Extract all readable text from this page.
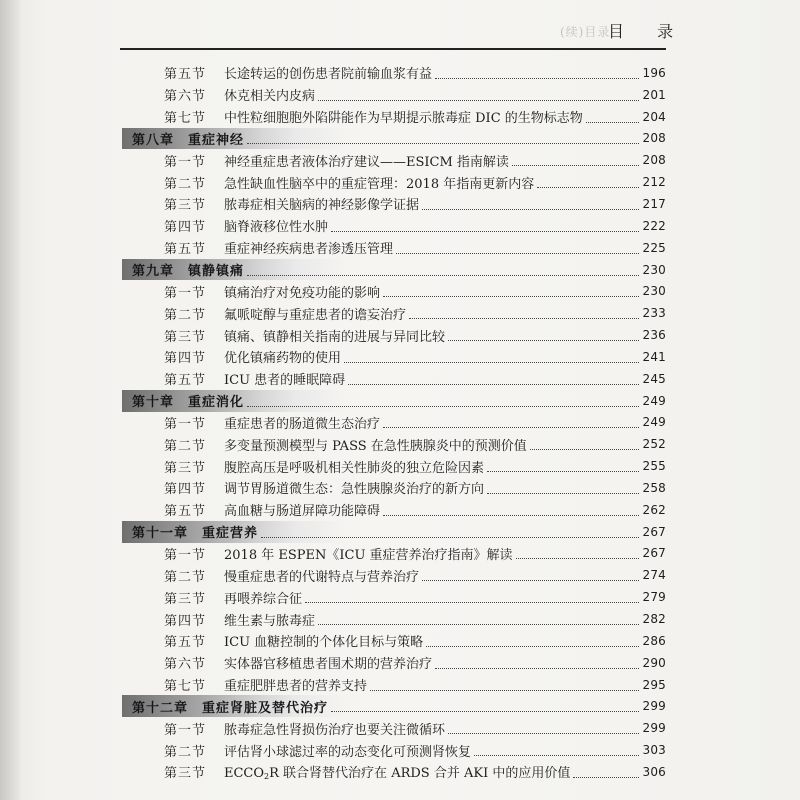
(续)目录
目 录
第五节 长途转运的创伤患者院前输血浆有益	196
第六节 休克相关内皮病	201
第七节 中性粒细胞胞外陷阱能作为早期提示脓毒症 DIC 的生物标志物	204
第八章 重症神经	208
第一节 神经重症患者液体治疗建议——ESICM 指南解读	208
第二节 急性缺血性脑卒中的重症管理：2018 年指南更新内容	212
第三节 脓毒症相关脑病的神经影像学证据	217
第四节 脑脊液移位性水肿	222
第五节 重症神经疾病患者渗透压管理	225
第九章 镇静镇痛	230
第一节 镇痛治疗对免疫功能的影响	230
第二节 氟哌啶醇与重症患者的谵妄治疗	233
第三节 镇痛、镇静相关指南的进展与异同比较	236
第四节 优化镇痛药物的使用	241
第五节 ICU 患者的睡眠障碍	245
第十章 重症消化	249
第一节 重症患者的肠道微生态治疗	249
第二节 多变量预测模型与 PASS 在急性胰腺炎中的预测价值	252
第三节 腹腔高压是呼吸机相关性肺炎的独立危险因素	255
第四节 调节胃肠道微生态：急性胰腺炎治疗的新方向	258
第五节 高血糖与肠道屏障功能障碍	262
第十一章 重症营养	267
第一节 2018 年 ESPEN《ICU 重症营养治疗指南》解读	267
第二节 慢重症患者的代谢特点与营养治疗	274
第三节 再喂养综合征	279
第四节 维生素与脓毒症	282
第五节 ICU 血糖控制的个体化目标与策略	286
第六节 实体器官移植患者围术期的营养治疗	290
第七节 重症肥胖患者的营养支持	295
第十二章 重症肾脏及替代治疗	299
第一节 脓毒症急性肾损伤治疗也要关注微循环	299
第二节 评估肾小球滤过率的动态变化可预测肾恢复	303
第三节 $ECCO_2R$ 联合肾替代治疗在 ARDS 合并 AKI 中的应用价值	306
